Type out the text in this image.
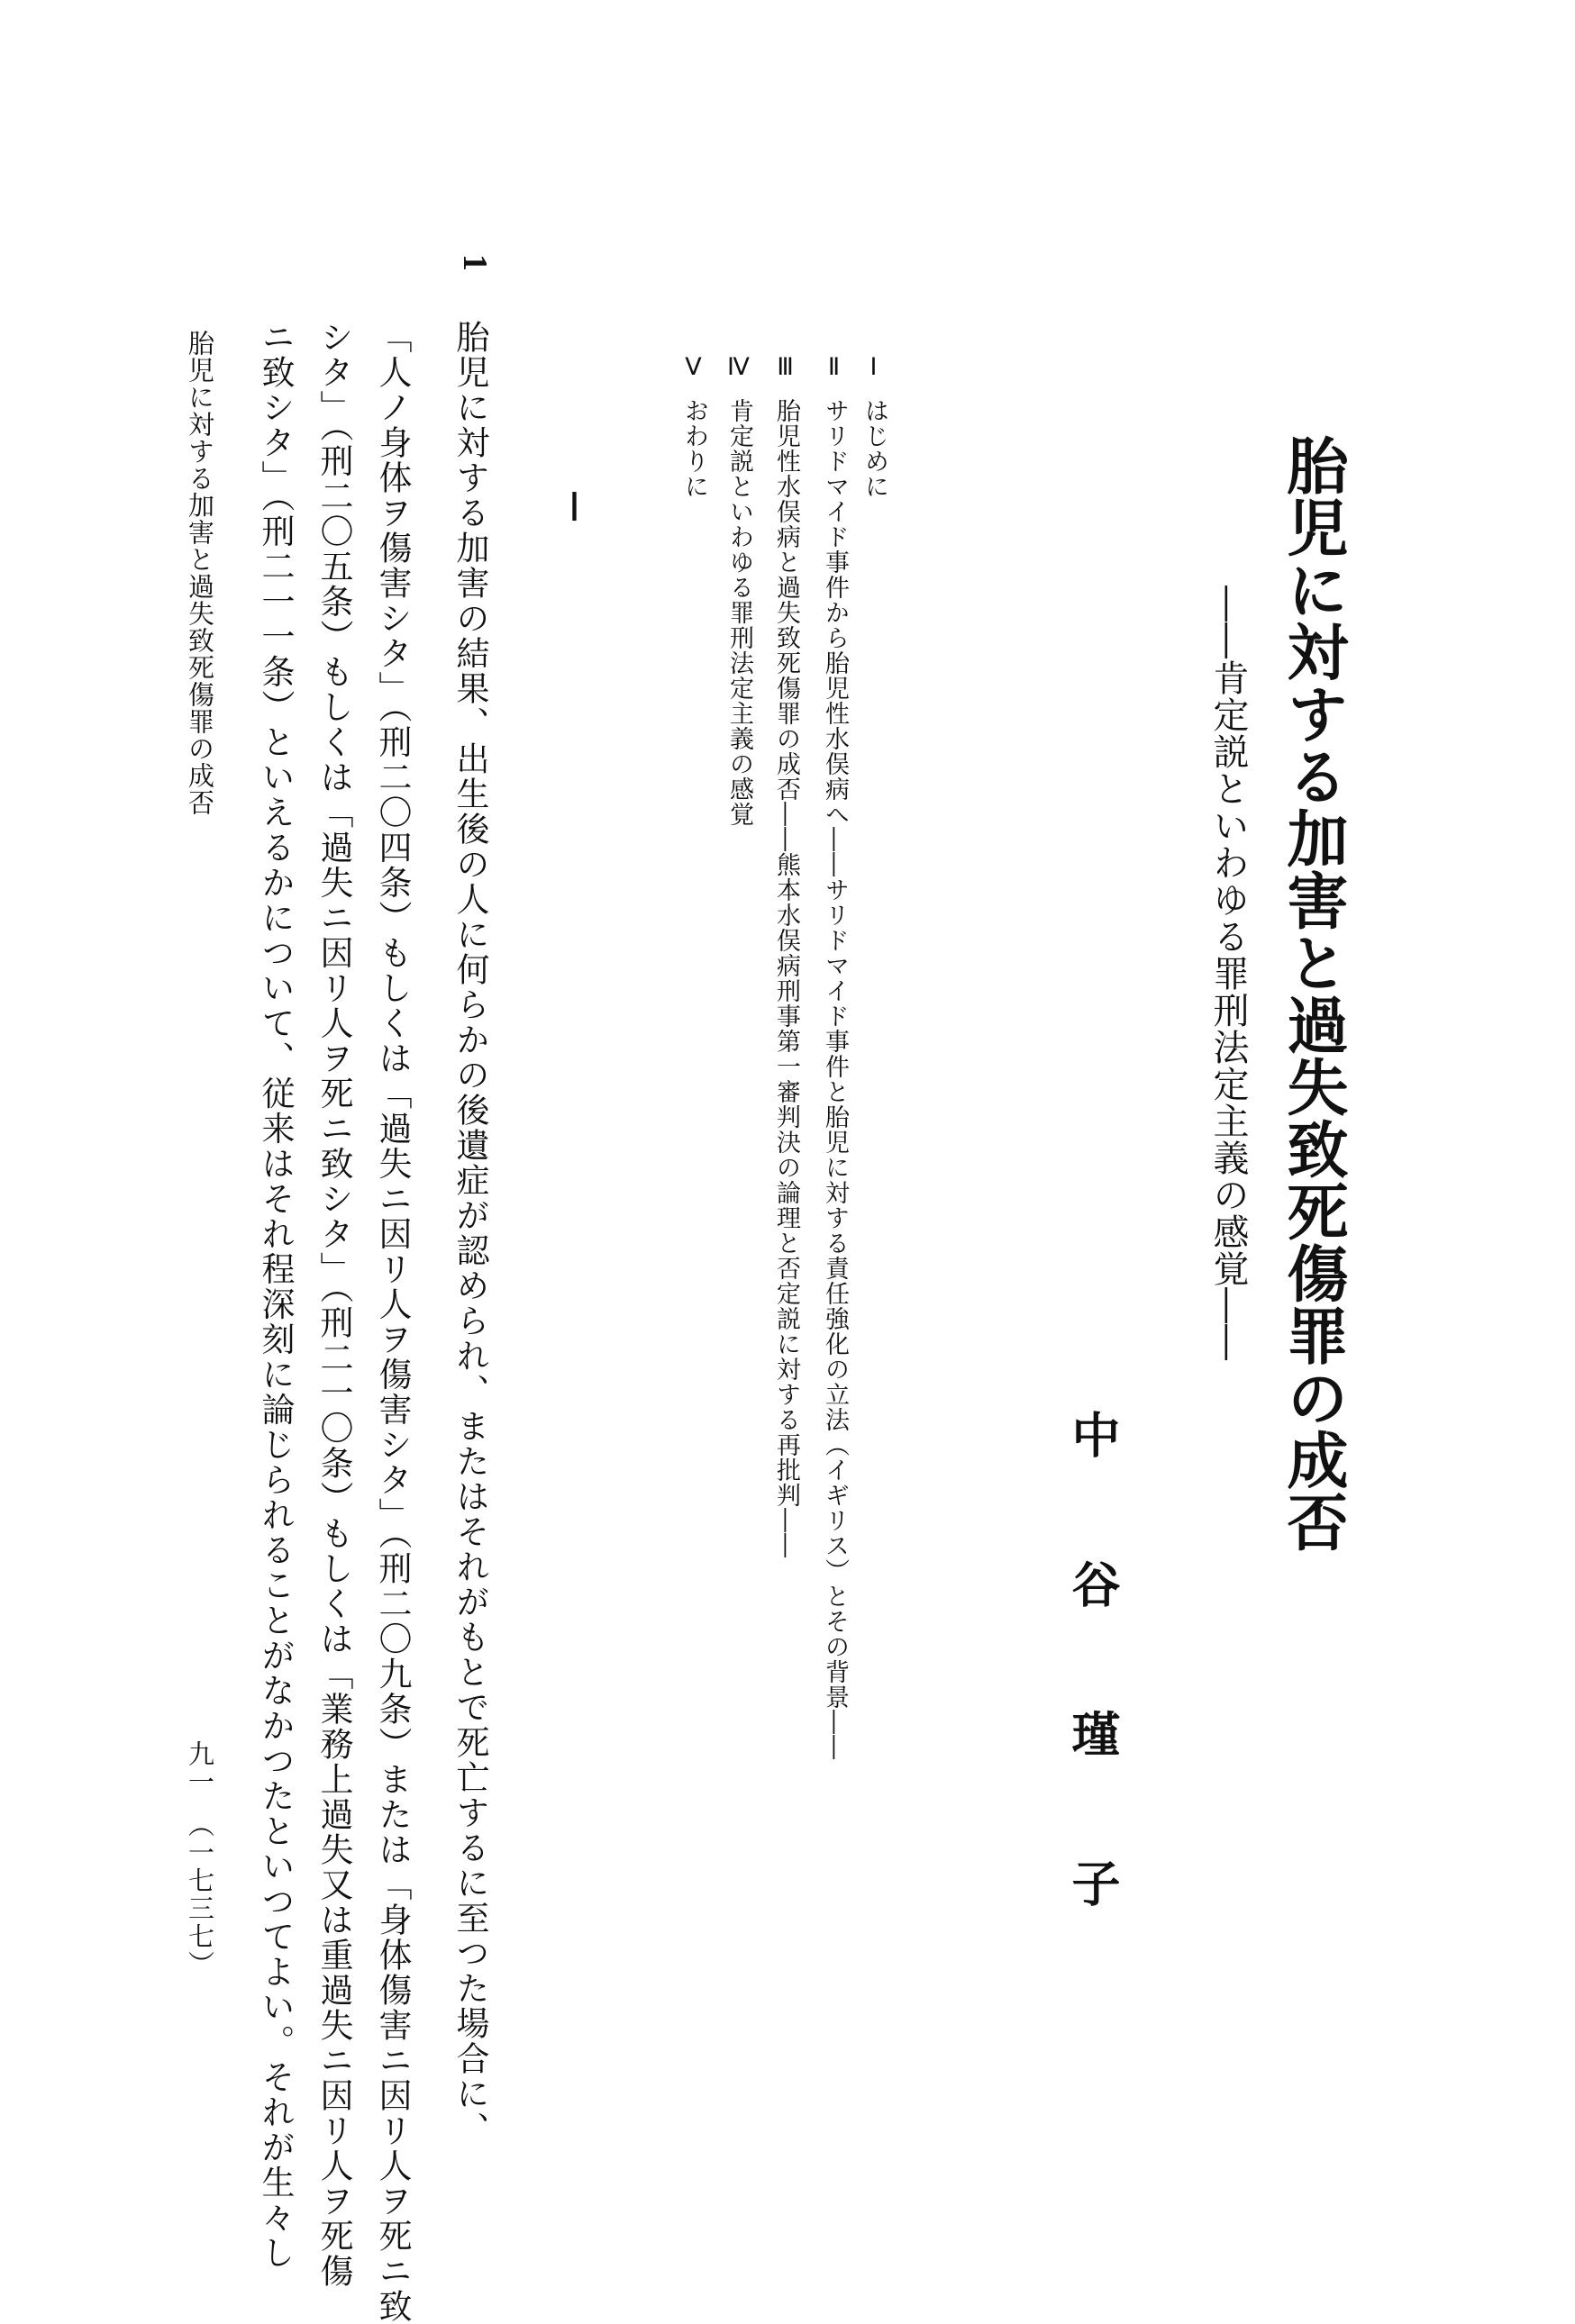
胎児に対する加害と過失致死傷罪の成否
――肯定説といわゆる罪刑法定主義の感覚――
中谷瑾子
Ⅰはじめに
Ⅱサリドマイド事件から胎児性水俣病へ――サリドマイド事件と胎児に対する責任強化の立法（イギリス）とその背景――
Ⅲ胎児性水俣病と過失致死傷罪の成否――熊本水俣病刑事第一審判決の論理と否定説に対する再批判――
Ⅳ肯定説といわゆる罪刑法定主義の感覚
Ⅴおわりに
Ⅰ
1
胎児に対する加害の結果、出生後の人に何らかの後遺症が認められ、またはそれがもとで死亡するに至つた場合に、
「人ノ身体ヲ傷害シタ」（刑二〇四条）もしくは「過失ニ因リ人ヲ傷害シタ」（刑二〇九条）または「身体傷害ニ因リ人ヲ死ニ致
シタ」（刑二〇五条）もしくは「過失ニ因リ人ヲ死ニ致シタ」（刑二一〇条）もしくは「業務上過失又は重過失ニ因リ人ヲ死傷
ニ致シタ」（刑二一一条）といえるかについて、従来はそれ程深刻に論じられることがなかつたといつてよい。それが生々し
胎児に対する加害と過失致死傷罪の成否
九一　（一七三七）
